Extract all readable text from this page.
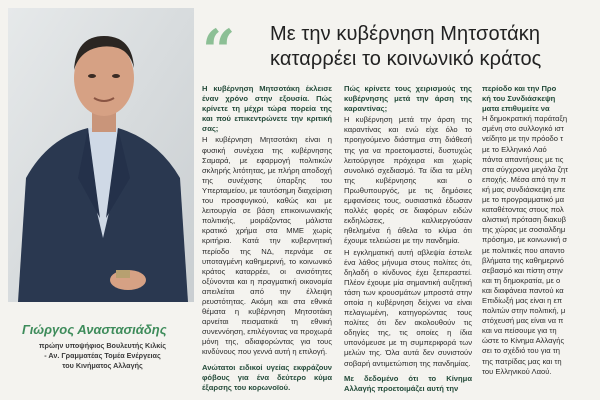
Γιώργος Αναστασιάδης
πρώην υποψήφιος Βουλευτής Κιλκίς
- Αν. Γραμματέας Τομέα Ενέργειας
του Κινήματος Αλλαγής
“ Με την κυβέρνηση Μητσοτάκη
καταρρέει το κοινωνικό κράτος

Η κυβέρνηση Μητσοτάκη έκλεισε έναν χρόνο στην εξουσία. Πώς κρίνετε τη μέχρι τώρα πορεία της και πού επικεντρώνετε την κριτική σας;

Η κυβέρνηση Μητσοτάκη είναι η φυσική συνέχεια της κυβέρνησης Σαμαρά, με εφαρμογή πολιτικών σκληρής λιτότητας, με πλήρη αποδοχή της συνέχισης ύπαρξης του Υπερταμείου, με ταυτόσημη διαχείριση του προσφυγικού, καθώς και με λειτουργία σε βάση επικοινωνιακής πολιτικής, μοιράζοντας μάλιστα κρατικό χρήμα στα ΜΜΕ χωρίς κριτήρια. Κατά την κυβερνητική περίοδο της ΝΔ, περνάμε σε υποταγμένη καθημερινή, το κοινωνικό κράτος καταρρέει, οι ανισότητες οξύνονται και η πραγματική οικονομία απειλείται από την έλλειψη ρευστότητας. Ακόμη και στα εθνικά θέματα η κυβέρνηση Μητσοτάκη αρνείται πεισματικά τη εθνική συνεννόηση, επιλέγοντας να προχωρά μόνη της, αδιαφορώντας για τους κινδύνους που γεννά αυτή η επιλογή.

Ανώτατοι ειδικοί υγείας εκφράζουν φόβους για ένα δεύτερο κύμα έξαρσης του κορωνοϊού.

Πώς κρίνετε τους χειρισμούς της κυβέρνησης μετά την άρση της καραντίνας;

Η κυβέρνηση μετά την άρση της καραντίνας και ενώ είχε όλο το προηγούμενο διάστημα στη διάθεσή της για να προετοιμαστεί, δυστυχώς λειτούργησε πρόχειρα και χωρίς συνολικό σχεδιασμό. Τα ίδια τα μέλη της κυβέρνησης και ο Πρωθυπουργός, με τις δημόσιες εμφανίσεις τους, ουσιαστικά έδωσαν πολλές φορές σε διαφόρων ειδών εκδηλώσεις, καλλιεργούσαν ηθελημένα ή άθελα το κλίμα ότι έχουμε τελειώσει με την πανδημία.

Η εγκληματική αυτή αβλεψία έστειλε ένα λάθος μήνυμα στους πολίτες ότι, δηλαδή ο κίνδυνος έχει ξεπεραστεί. Πλέον έχουμε μία σημαντική αυξητική τάση των κρουσμάτων μπροστά στην οποία η κυβέρνηση δείχνει να είναι πελαγωμένη, κατηγορώντας τους πολίτες ότι δεν ακολουθούν τις οδηγίες της, τις οποίες η ίδια υπονόμευσε με τη συμπεριφορά των μελών της. Όλα αυτά δεν συνιστούν σοβαρή αντιμετώπιση της πανδημίας.

Με δεδομένο ότι το Κίνημα Αλλαγής προετοιμάζει αυτή την

περίοδο και την Προ
κή του Συνδιάσκεψη
ματα επιθυμείτε να
Η δημοκρατική παράταξη
σμένη στο συλλογικό ιστ
νείδητο με την πρόοδο τ
με το Ελληνικό Λαό
πάντα απαντήσεις με τις
στα σύγχρονα μεγάλα ζητ
εποχής. Μέσα από την π
κή μας συνδιάσκεψη επε
με το προγραμματικό μα
καταθέτοντας στους πολ
αλιστική πρόταση διακυβ
της χώρας με σοσιαλδημ
πρόσημο, με κοινωνική σ
με πολιτικές που απαντο
βλήματα της καθημερινό
σεβασμό και πίστη στην
και τη δημοκρατία, με ο
και διαφάνεια παντού κα
Επιδίωξή μας είναι η επ
πολιτών στην πολιτική, μ
στόχευσή μας είναι να π
και να πείσουμε για τη
ώστε το Κίνημα Αλλαγής
σει το σχέδιό του για τη
της πατρίδας μας και τη
του Ελληνικού Λαού.
